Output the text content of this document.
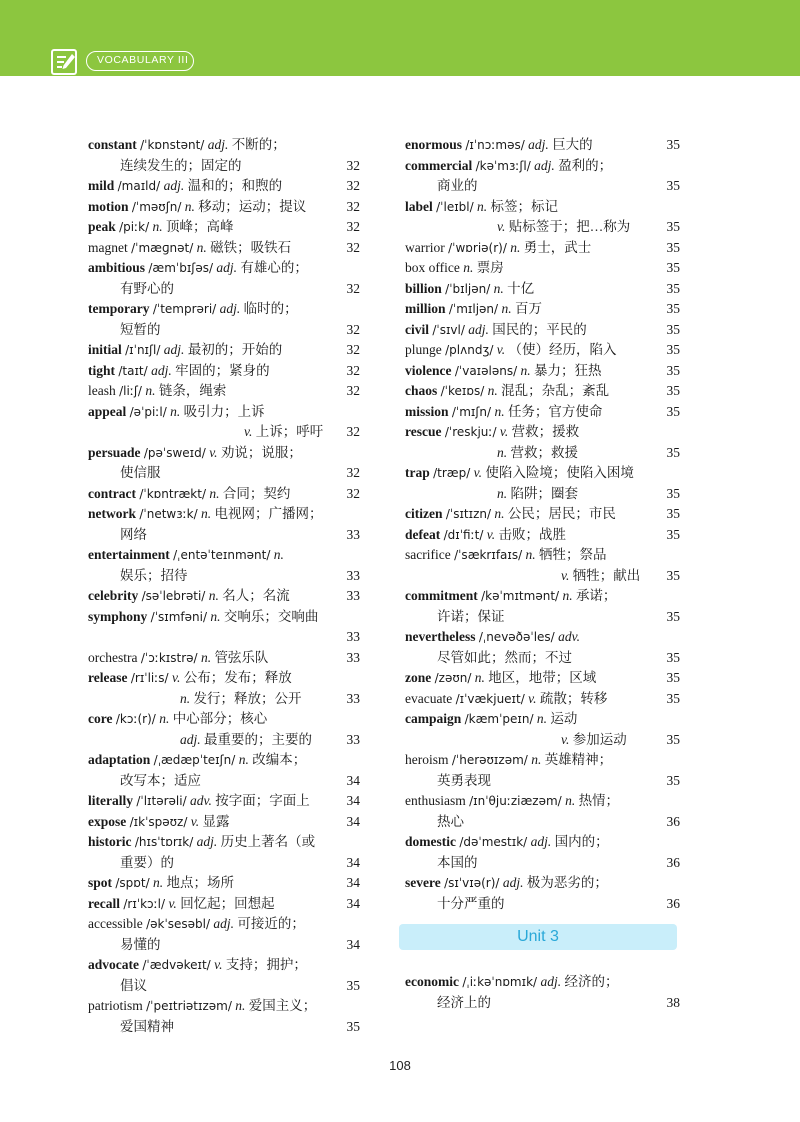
VOCABULARY III
constant /ˈkɒnstənt/ adj. 不断的；
连续发生的；固定的	32
mild /maɪld/ adj. 温和的；和煦的	32
motion /ˈməʊʃn/ n. 移动；运动；提议	32
peak /piːk/ n. 顶峰；高峰	32
magnet /ˈmæɡnət/ n. 磁铁；吸铁石	32
ambitious /æmˈbɪʃəs/ adj. 有雄心的；
有野心的	32
temporary /ˈtemprəri/ adj. 临时的；
短暂的	32
initial /ɪˈnɪʃl/ adj. 最初的；开始的	32
tight /taɪt/ adj. 牢固的；紧身的	32
leash /liːʃ/ n. 链条，绳索	32
appeal /əˈpiːl/ n. 吸引力；上诉
v. 上诉；呼吁 32
persuade /pəˈsweɪd/ v. 劝说；说服；
使信服	32
contract /ˈkɒntrækt/ n. 合同；契约	32
network /ˈnetwɜːk/ n. 电视网；广播网；
网络	33
entertainment /ˌentəˈteɪnmənt/ n.
娱乐；招待	33
celebrity /səˈlebrəti/ n. 名人；名流	33
symphony /ˈsɪmfəni/ n. 交响乐；交响曲
33
orchestra /ˈɔːkɪstrə/ n. 管弦乐队	33
release /rɪˈliːs/ v. 公布；发布；释放
n. 发行；释放；公开	33
core /kɔː(r)/ n. 中心部分；核心
adj. 最重要的；主要的	33
adaptation /ˌædæpˈteɪʃn/ n. 改编本；
改写本；适应	34
literally /ˈlɪtərəli/ adv. 按字面；字面上	34
expose /ɪkˈspəʊz/ v. 显露	34
historic /hɪsˈtɒrɪk/ adj. 历史上著名（或
重要）的	34
spot /spɒt/ n. 地点；场所	34
recall /rɪˈkɔːl/ v. 回忆起；回想起	34
accessible /əkˈsesəbl/ adj. 可接近的；
易懂的	34
advocate /ˈædvəkeɪt/ v. 支持；拥护；
倡议	35
patriotism /ˈpeɪtriətɪzəm/ n. 爱国主义；
爱国精神	35
enormous /ɪˈnɔːməs/ adj. 巨大的	35
commercial /kəˈmɜːʃl/ adj. 盈利的；
商业的	35
label /ˈleɪbl/ n. 标签；标记
v. 贴标签于；把…称为	35
warrior /ˈwɒriə(r)/ n. 勇士，武士	35
box office n. 票房	35
billion /ˈbɪljən/ n. 十亿	35
million /ˈmɪljən/ n. 百万	35
civil /ˈsɪvl/ adj. 国民的；平民的	35
plunge /plʌndʒ/ v. （使）经历，陷入	35
violence /ˈvaɪələns/ n. 暴力；狂热	35
chaos /ˈkeɪɒs/ n. 混乱；杂乱；紊乱	35
mission /ˈmɪʃn/ n. 任务；官方使命	35
rescue /ˈreskjuː/ v. 营救；援救
n. 营救；救援	35
trap /træp/ v. 使陷入险境；使陷入困境
n. 陷阱；圈套	35
citizen /ˈsɪtɪzn/ n. 公民；居民；市民	35
defeat /dɪˈfiːt/ v. 击败；战胜	35
sacrifice /ˈsækrɪfaɪs/ n. 牺牲；祭品
v. 牺牲；献出 35
commitment /kəˈmɪtmənt/ n. 承诺；
许诺；保证	35
nevertheless /ˌnevəðəˈles/ adv.
尽管如此；然而；不过	35
zone /zəʊn/ n. 地区，地带；区域	35
evacuate /ɪˈvækjueɪt/ v. 疏散；转移	35
campaign /kæmˈpeɪn/ n. 运动
v. 参加运动	35
heroism /ˈherəʊɪzəm/ n. 英雄精神；
英勇表现	35
enthusiasm /ɪnˈθjuːziæzəm/ n. 热情；
热心	36
domestic /dəˈmestɪk/ adj. 国内的；
本国的	36
severe /sɪˈvɪə(r)/ adj. 极为恶劣的；
十分严重的	36
Unit 3
economic /ˌiːkəˈnɒmɪk/ adj. 经济的；
经济上的	38
108
